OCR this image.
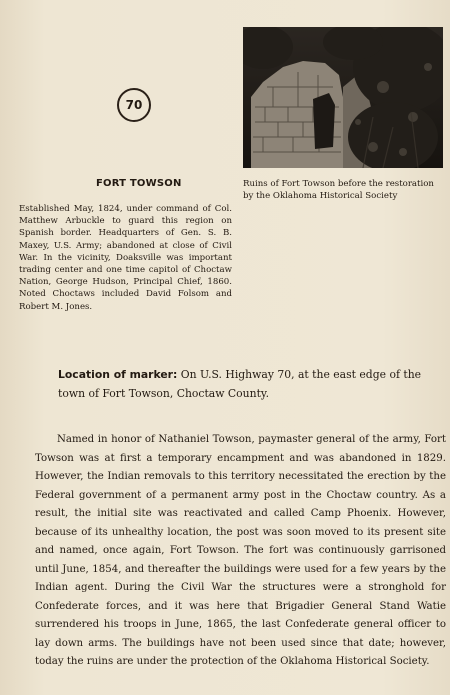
70
FORT TOWSON
Established May, 1824, under command of Col. Matthew Arbuckle to guard this region on Spanish border. Headquarters of Gen. S. B. Maxey, U.S. Army; abandoned at close of Civil War. In the vicinity, Doaksville was important trading center and one time capitol of Choctaw Nation, George Hudson, Principal Chief, 1860. Noted Choctaws included David Folsom and Robert M. Jones.
Ruins of Fort Towson before the restoration by the Oklahoma Historical Society
Location of marker: On U.S. Highway 70, at the east edge of the town of Fort Towson, Choctaw County.
Named in honor of Nathaniel Towson, paymaster general of the army, Fort Towson was at first a temporary encampment and was abandoned in 1829. However, the Indian removals to this territory necessitated the erection by the Federal government of a permanent army post in the Choctaw country. As a result, the initial site was reactivated and called Camp Phoenix. However, because of its unhealthy location, the post was soon moved to its present site and named, once again, Fort Towson. The fort was continuously garrisoned until June, 1854, and thereafter the buildings were used for a few years by the Indian agent. During the Civil War the structures were a stronghold for Confederate forces, and it was here that Brigadier General Stand Watie surrendered his troops in June, 1865, the last Confederate general officer to lay down arms. The buildings have not been used since that date; however, today the ruins are under the protection of the Oklahoma Historical Society.
